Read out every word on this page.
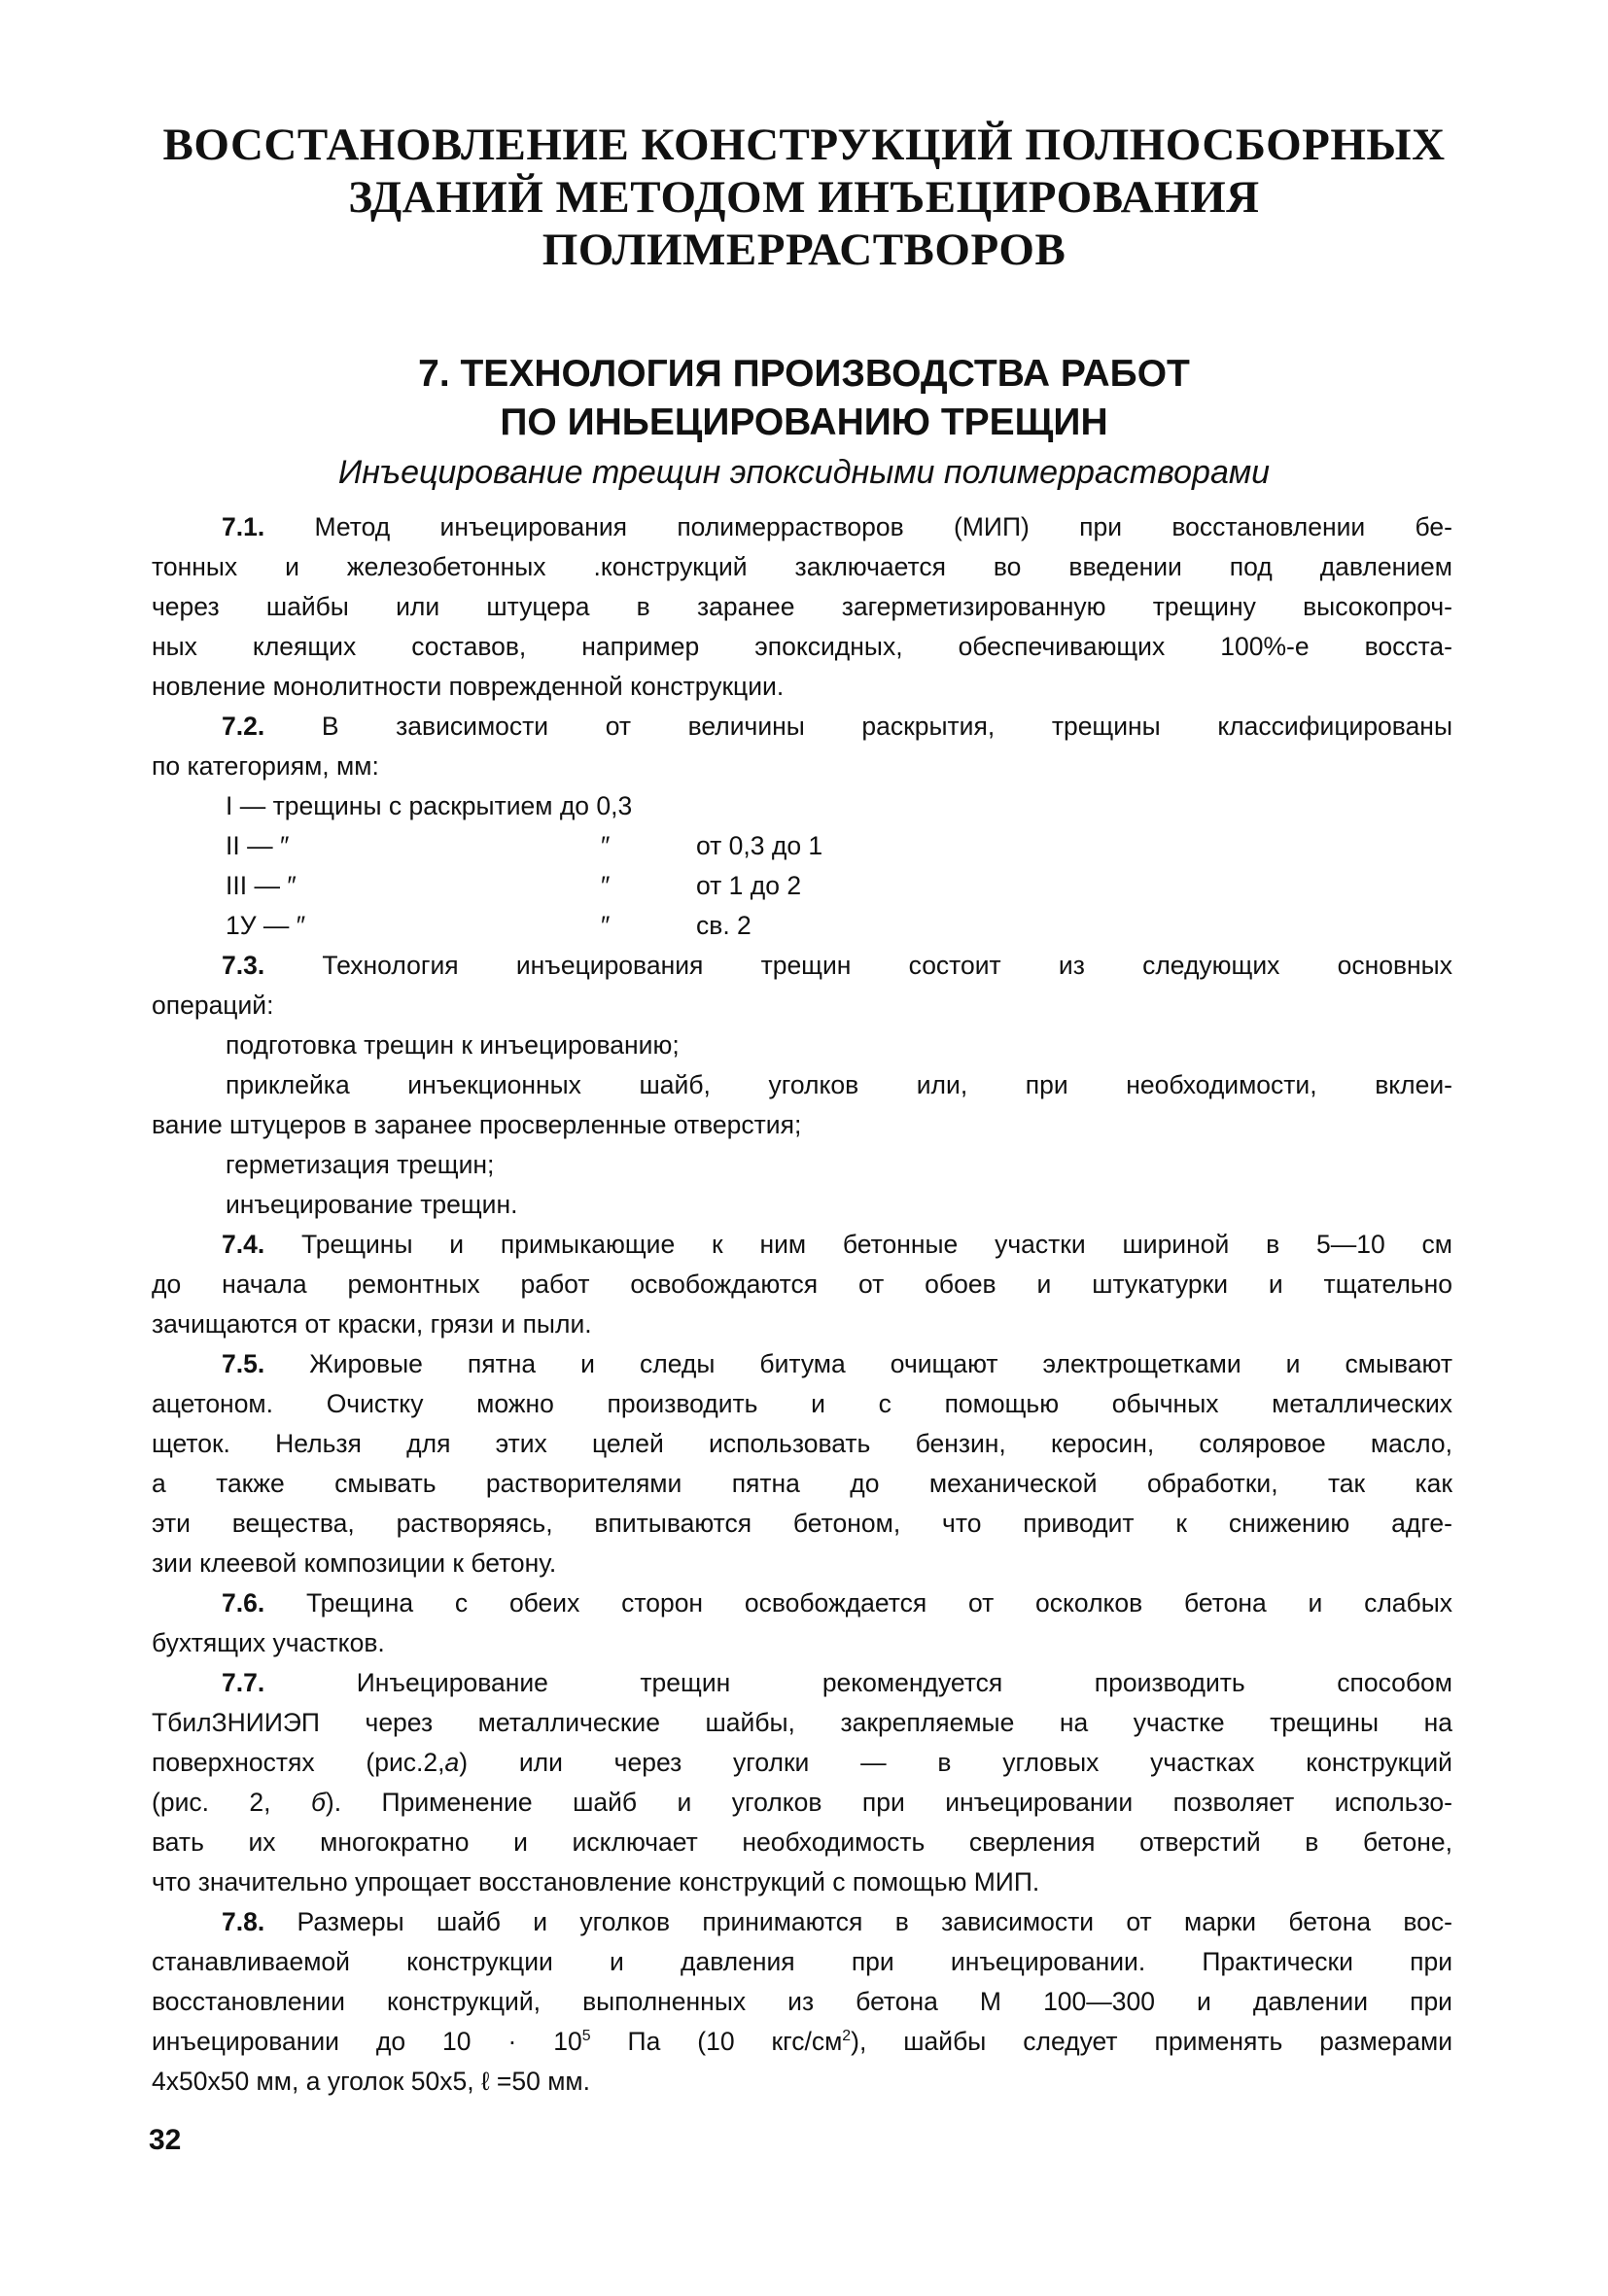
ВОССТАНОВЛЕНИЕ КОНСТРУКЦИЙ ПОЛНОСБОРНЫХ
ЗДАНИЙ МЕТОДОМ ИНЪЕЦИРОВАНИЯ
ПОЛИМЕРРАСТВОРОВ
7. ТЕХНОЛОГИЯ ПРОИЗВОДСТВА РАБОТ
ПО ИНЬЕЦИРОВАНИЮ ТРЕЩИН
Инъецирование трещин эпоксидными полимеррастворами
7.1. Метод инъецирования полимеррастворов (МИП) при восстановлении бе-
тонных и железобетонных .конструкций заключается во введении под давлением
через шайбы или штуцера в заранее загерметизированную трещину высокопроч-
ных клеящих составов, например эпоксидных, обеспечивающих 100%-е восста-
новление монолитности поврежденной конструкции.
7.2. В зависимости от величины раскрытия, трещины классифицированы
по категориям, мм:
I — трещины с раскрытием до 0,3
II — ″	″	от 0,3 до 1
III — ″	″	от 1 до 2
1У — ″	″	св. 2
7.3. Технология инъецирования трещин состоит из следующих основных
операций:
подготовка трещин к инъецированию;
приклейка инъекционных шайб, уголков или, при необходимости, вклеи-
вание штуцеров в заранее просверленные отверстия;
герметизация трещин;
инъецирование трещин.
7.4. Трещины и примыкающие к ним бетонные участки шириной в 5—10 см
до начала ремонтных работ освобождаются от обоев и штукатурки и тщательно
зачищаются от краски, грязи и пыли.
7.5. Жировые пятна и следы битума очищают электрощетками и смывают
ацетоном. Очистку можно производить и с помощью обычных металлических
щеток. Нельзя для этих целей использовать бензин, керосин, соляровое масло,
а также смывать растворителями пятна до механической обработки, так как
эти вещества, растворяясь, впитываются бетоном, что приводит к снижению адге-
зии клеевой композиции к бетону.
7.6. Трещина с обеих сторон освобождается от осколков бетона и слабых
бухтящих участков.
7.7.	Инъецирование трещин рекомендуется производить способом
ТбилЗНИИЭП через металлические шайбы, закрепляемые на участке трещины на
поверхностях (рис.2,а) или через уголки — в угловых участках конструкций
(рис. 2, б). Применение шайб и уголков при инъецировании позволяет использо-
вать их многократно и исключает необходимость сверления отверстий в бетоне,
что значительно упрощает восстановление конструкций с помощью МИП.
7.8. Размеры шайб и уголков принимаются в зависимости от марки бетона вос-
станавливаемой конструкции и давления при инъецировании. Практически при
восстановлении конструкций, выполненных из бетона М 100—300 и давлении при
инъецировании до $10 \cdot 10^5$ Па (10 кгс/$см^2$), шайбы следует применять размерами
4х50х50 мм, а уголок 50х5, ℓ =50 мм.
32
